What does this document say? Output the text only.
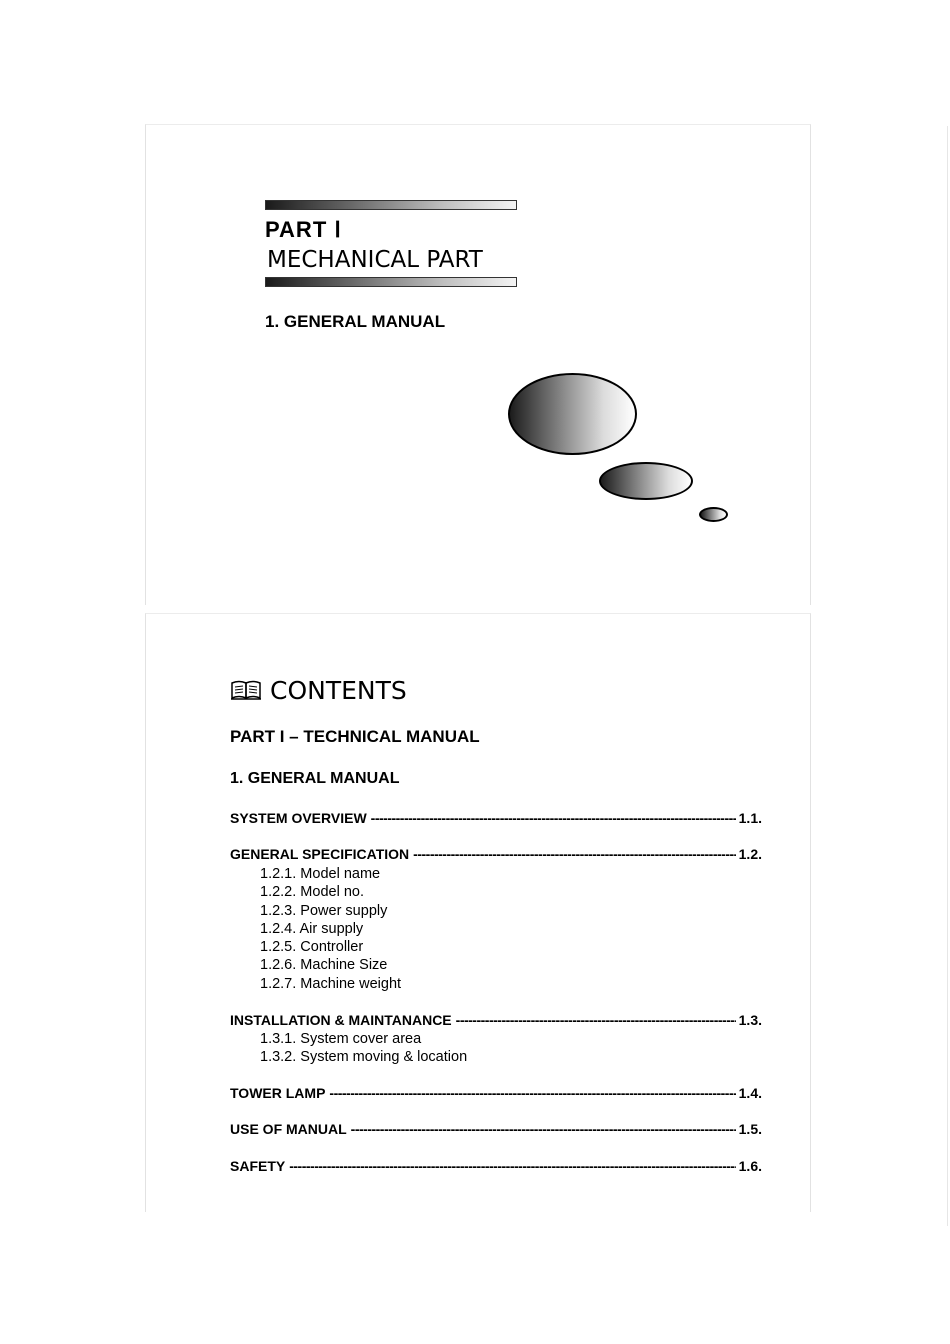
PART Ⅰ
MECHANICAL PART
1. GENERAL MANUAL
CONTENTS
PART I – TECHNICAL MANUAL
1. GENERAL MANUAL
SYSTEM OVERVIEW -----	1.1.
GENERAL SPECIFICATION -----	1.2.
1.2.1. Model name
1.2.2. Model no.
1.2.3. Power supply
1.2.4. Air supply
1.2.5. Controller
1.2.6. Machine Size
1.2.7. Machine weight
INSTALLATION & MAINTANANCE -----	1.3.
1.3.1. System cover area
1.3.2. System moving & location
TOWER LAMP -----	1.4.
USE OF MANUAL -----	1.5.
SAFETY -----	1.6.
